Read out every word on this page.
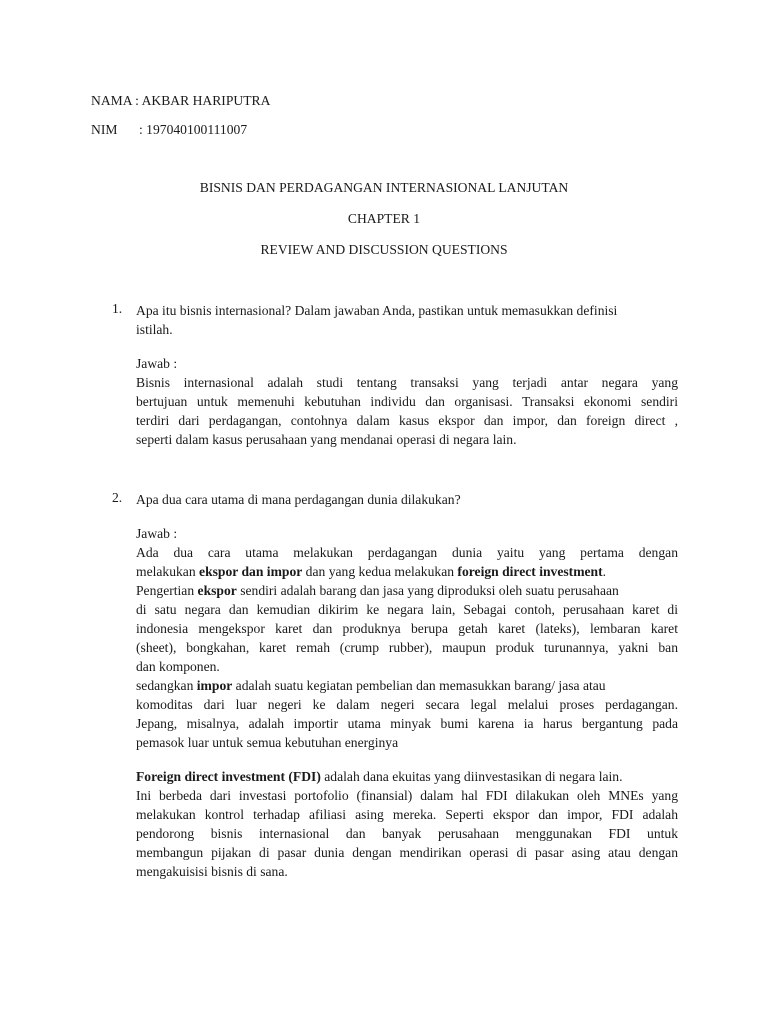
NAMA : AKBAR HARIPUTRA
NIM : 197040100111007
BISNIS DAN PERDAGANGAN INTERNASIONAL LANJUTAN
CHAPTER 1
REVIEW AND DISCUSSION QUESTIONS
1. Apa itu bisnis internasional? Dalam jawaban Anda, pastikan untuk memasukkan definisi
istilah.
Jawab :
Bisnis internasional adalah studi tentang transaksi yang terjadi antar negara yang
bertujuan untuk memenuhi kebutuhan individu dan organisasi. Transaksi ekonomi sendiri
terdiri dari perdagangan, contohnya dalam kasus ekspor dan impor, dan foreign direct ,
seperti dalam kasus perusahaan yang mendanai operasi di negara lain.
2. Apa dua cara utama di mana perdagangan dunia dilakukan?
Jawab :
Ada dua cara utama melakukan perdagangan dunia yaitu yang pertama dengan
melakukan ekspor dan impor dan yang kedua melakukan foreign direct investment.
Pengertian ekspor sendiri adalah barang dan jasa yang diproduksi oleh suatu perusahaan
di satu negara dan kemudian dikirim ke negara lain, Sebagai contoh, perusahaan karet di
indonesia mengekspor karet dan produknya berupa getah karet (lateks), lembaran karet
(sheet), bongkahan, karet remah (crump rubber), maupun produk turunannya, yakni ban
dan komponen.
sedangkan impor adalah suatu kegiatan pembelian dan memasukkan barang/ jasa atau
komoditas dari luar negeri ke dalam negeri secara legal melalui proses perdagangan.
Jepang, misalnya, adalah importir utama minyak bumi karena ia harus bergantung pada
pemasok luar untuk semua kebutuhan energinya
Foreign direct investment (FDI) adalah dana ekuitas yang diinvestasikan di negara lain.
Ini berbeda dari investasi portofolio (finansial) dalam hal FDI dilakukan oleh MNEs yang
melakukan kontrol terhadap afiliasi asing mereka. Seperti ekspor dan impor, FDI adalah
pendorong bisnis internasional dan banyak perusahaan menggunakan FDI untuk
membangun pijakan di pasar dunia dengan mendirikan operasi di pasar asing atau dengan
mengakuisisi bisnis di sana.
